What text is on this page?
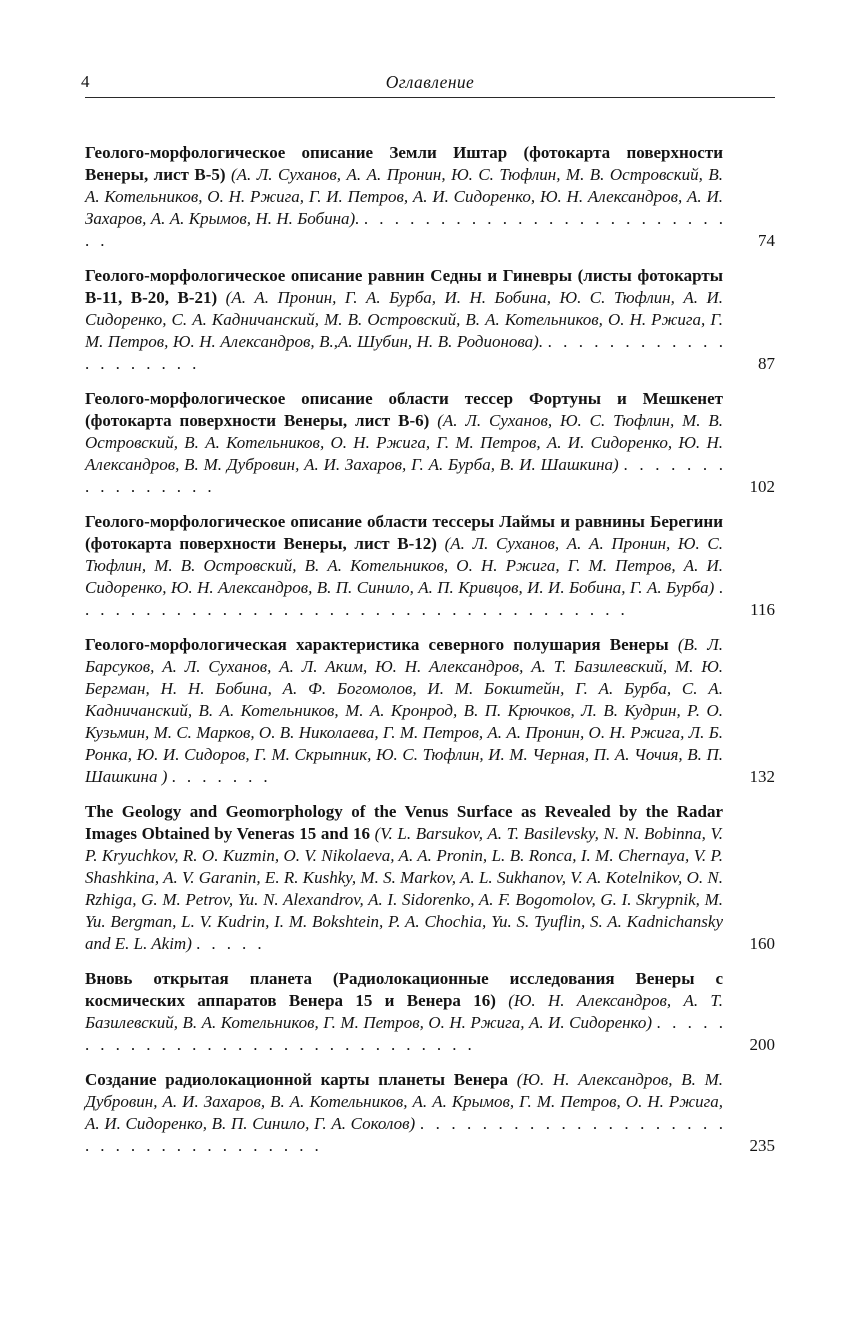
4	Оглавление

Геолого-морфологическое описание Земли Иштар (фотокарта поверхности Венеры, лист В-5) (А. Л. Суханов, А. А. Пронин, Ю. С. Тюфлин, М. В. Островский, В. А. Котельников, О. Н. Ржига, Г. И. Петров, А. И. Сидоренко, Ю. Н. Александров, А. И. Захаров, А. А. Крымов, Н. Н. Бобина). . . . . . . . . . . . . . . . . . . . . . . . . . .	74

Геолого-морфологическое описание равнин Седны и Гиневры (листы фотокарты В-11, В-20, В-21) (А. А. Пронин, Г. А. Бурба, И. Н. Бобина, Ю. С. Тюфлин, А. И. Сидоренко, С. А. Кадничанский, М. В. Островский, В. А. Котельников, О. Н. Ржига, Г. М. Петров, Ю. Н. Александров, В.,А. Шубин, Н. В. Родионова). . . . . . . . . . . . . . . . . . . . .	87

Геолого-морфологическое описание области тессер Фортуны и Мешкенет (фотокарта поверхности Венеры, лист В-6) (А. Л. Суханов, Ю. С. Тюфлин, М. В. Островский, В. А. Котельников, О. Н. Ржига, Г. М. Петров, А. И. Сидоренко, Ю. Н. Александров, В. М. Дубровин, А. И. Захаров, Г. А. Бурба, В. И. Шашкина) . . . . . . . . . . . . . . . .	102

Геолого-морфологическое описание области тессеры Лаймы и равнины Берегини (фотокарта поверхности Венеры, лист В-12) (А. Л. Суханов, А. А. Пронин, Ю. С. Тюфлин, М. В. Островский, В. А. Котельников, О. Н. Ржига, Г. М. Петров, А. И. Сидоренко, Ю. Н. Александров, В. П. Синило, А. П. Кривцов, И. И. Бобина, Г. А. Бурба) . . . . . . . . . . . . . . . . . . . . . . . . . . . . . . . . . . . . .	116

Геолого-морфологическая характеристика северного полушария Венеры (В. Л. Барсуков, А. Л. Суханов, А. Л. Аким, Ю. Н. Александров, А. Т. Базилевский, М. Ю. Бергман, Н. Н. Бобина, А. Ф. Богомолов, И. М. Бокштейн, Г. А. Бурба, С. А. Кадничанский, В. А. Котельников, М. А. Кронрод, В. П. Крючков, Л. В. Кудрин, Р. О. Кузьмин, М. С. Марков, О. В. Николаева, Г. М. Петров, А. А. Пронин, О. Н. Ржига, Л. Б. Ронка, Ю. И. Сидоров, Г. М. Скрыпник, Ю. С. Тюфлин, И. М. Черная, П. А. Чочия, В. П. Шашкина ) . . . . . . .	132

The Geology and Geomorphology of the Venus Surface as Revealed by the Radar Images Obtained by Veneras 15 and 16 (V. L. Barsukov, A. T. Basilevsky, N. N. Bobinna, V. P. Kryuchkov, R. O. Kuzmin, O. V. Nikolaeva, A. A. Pronin, L. B. Ronca, I. M. Chernaya, V. P. Shashkina, A. V. Garanin, E. R. Kushky, M. S. Markov, A. L. Sukhanov, V. A. Kotelnikov, O. N. Rzhiga, G. M. Petrov, Yu. N. Alexandrov, A. I. Sidorenko, A. F. Bogomolov, G. I. Skrypnik, M. Yu. Bergman, L. V. Kudrin, I. M. Bokshtein, P. A. Chochia, Yu. S. Tyuflin, S. A. Kadnichansky and E. L. Akim) . . . . .	160

Вновь открытая планета (Радиолокационные исследования Венеры с космических аппаратов Венера 15 и Венера 16) (Ю. Н. Александров, А. Т. Базилевский, В. А. Котельников, Г. М. Петров, О. Н. Ржига, А. И. Сидоренко) . . . . . . . . . . . . . . . . . . . . . . . . . . . . . . .	200

Создание радиолокационной карты планеты Венера (Ю. Н. Александров, В. М. Дубровин, А. И. Захаров, В. А. Котельников, А. А. Крымов, Г. М. Петров, О. Н. Ржига, А. И. Сидоренко, В. П. Синило, Г. А. Соколов) . . . . . . . . . . . . . . . . . . . . . . . . . . . . . . . . . . . .	235
